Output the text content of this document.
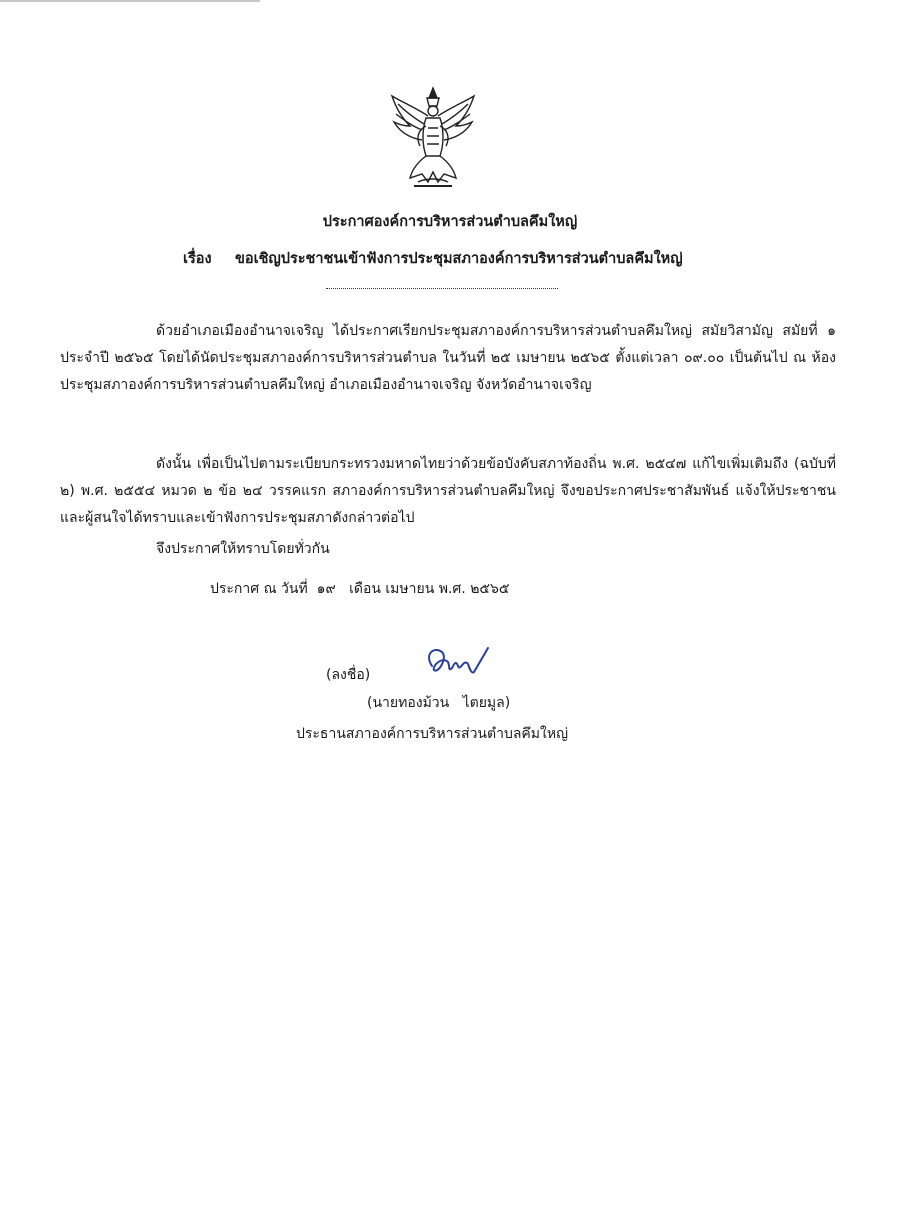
ประกาศองค์การบริหารส่วนตำบลคึมใหญ่
เรื่อง ขอเชิญประชาชนเข้าฟังการประชุมสภาองค์การบริหารส่วนตำบลคึมใหญ่
ด้วยอำเภอเมืองอำนาจเจริญ ได้ประกาศเรียกประชุมสภาองค์การบริหารส่วนตำบลคึมใหญ่ สมัยวิสามัญ สมัยที่ ๑ ประจำปี ๒๕๖๕ โดยได้นัดประชุมสภาองค์การบริหารส่วนตำบล ในวันที่ ๒๕ เมษายน ๒๕๖๕ ตั้งแต่เวลา ๐๙.๐๐ เป็นต้นไป ณ ห้องประชุมสภาองค์การบริหารส่วนตำบลคึมใหญ่ อำเภอเมืองอำนาจเจริญ จังหวัดอำนาจเจริญ
ดังนั้น เพื่อเป็นไปตามระเบียบกระทรวงมหาดไทยว่าด้วยข้อบังคับสภาท้องถิ่น พ.ศ. ๒๕๔๗ แก้ไขเพิ่มเติมถึง (ฉบับที่ ๒) พ.ศ. ๒๕๕๔ หมวด ๒ ข้อ ๒๔ วรรคแรก สภาองค์การบริหารส่วนตำบลคึมใหญ่ จึงขอประกาศประชาสัมพันธ์ แจ้งให้ประชาชนและผู้สนใจได้ทราบและเข้าฟังการประชุมสภาดังกล่าวต่อไป
จึงประกาศให้ทราบโดยทั่วกัน
ประกาศ ณ วันที่  ๑๙   เดือน เมษายน พ.ศ. ๒๕๖๕
(ลงชื่อ)
(นายทองม้วน   ไตยมูล)
ประธานสภาองค์การบริหารส่วนตำบลคึมใหญ่
